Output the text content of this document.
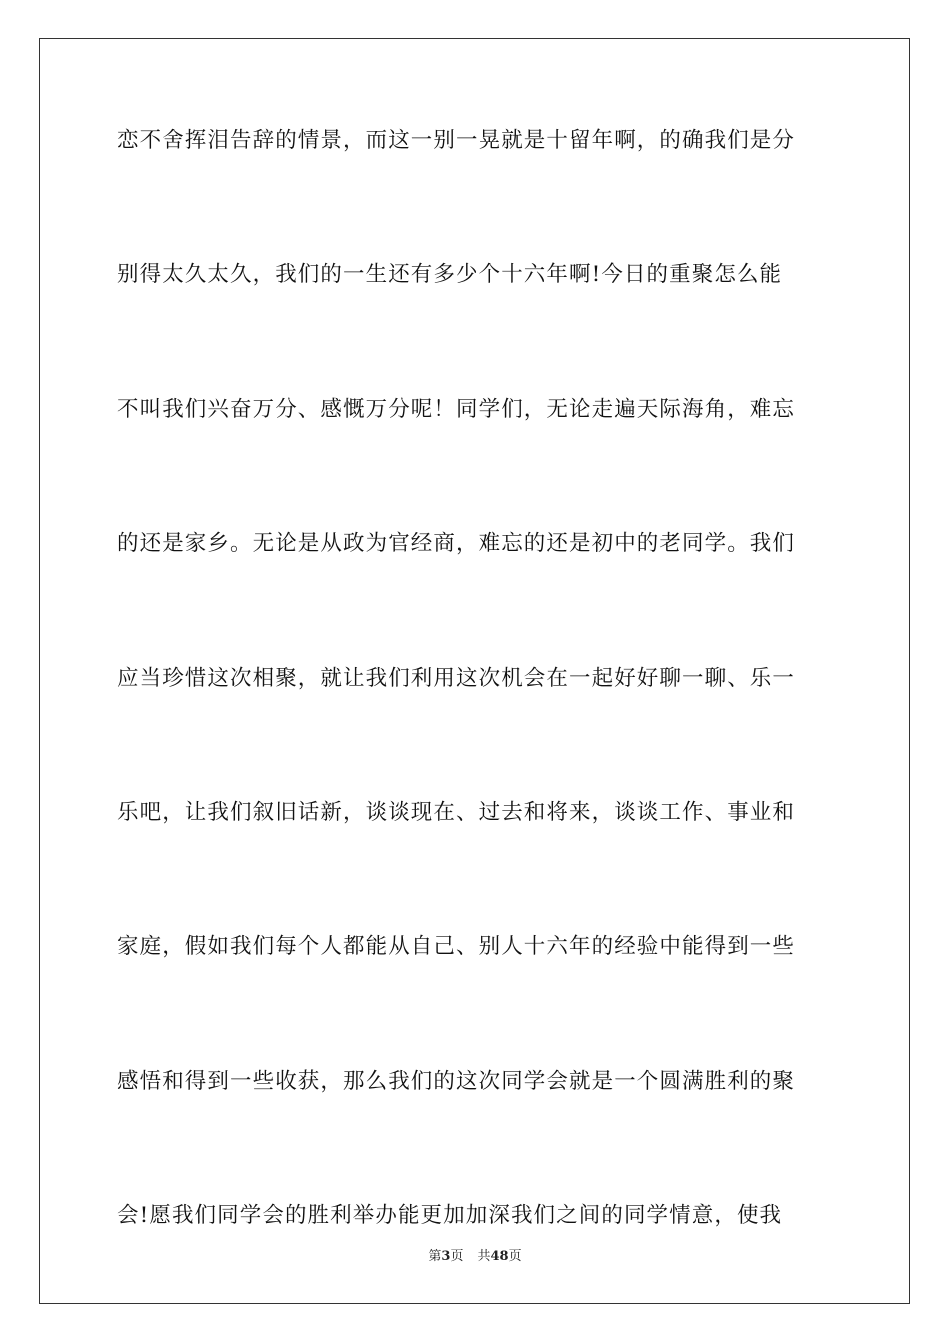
恋不舍挥泪告辞的情景，而这一别一晃就是十留年啊，的确我们是分
别得太久太久，我们的一生还有多少个十六年啊!今日的重聚怎么能
不叫我们兴奋万分、感慨万分呢！同学们，无论走遍天际海角，难忘
的还是家乡。无论是从政为官经商，难忘的还是初中的老同学。我们
应当珍惜这次相聚，就让我们利用这次机会在一起好好聊一聊、乐一
乐吧，让我们叙旧话新，谈谈现在、过去和将来，谈谈工作、事业和
家庭，假如我们每个人都能从自己、别人十六年的经验中能得到一些
感悟和得到一些收获，那么我们的这次同学会就是一个圆满胜利的聚
会!愿我们同学会的胜利举办能更加加深我们之间的同学情意，使我
第3页 共48页
